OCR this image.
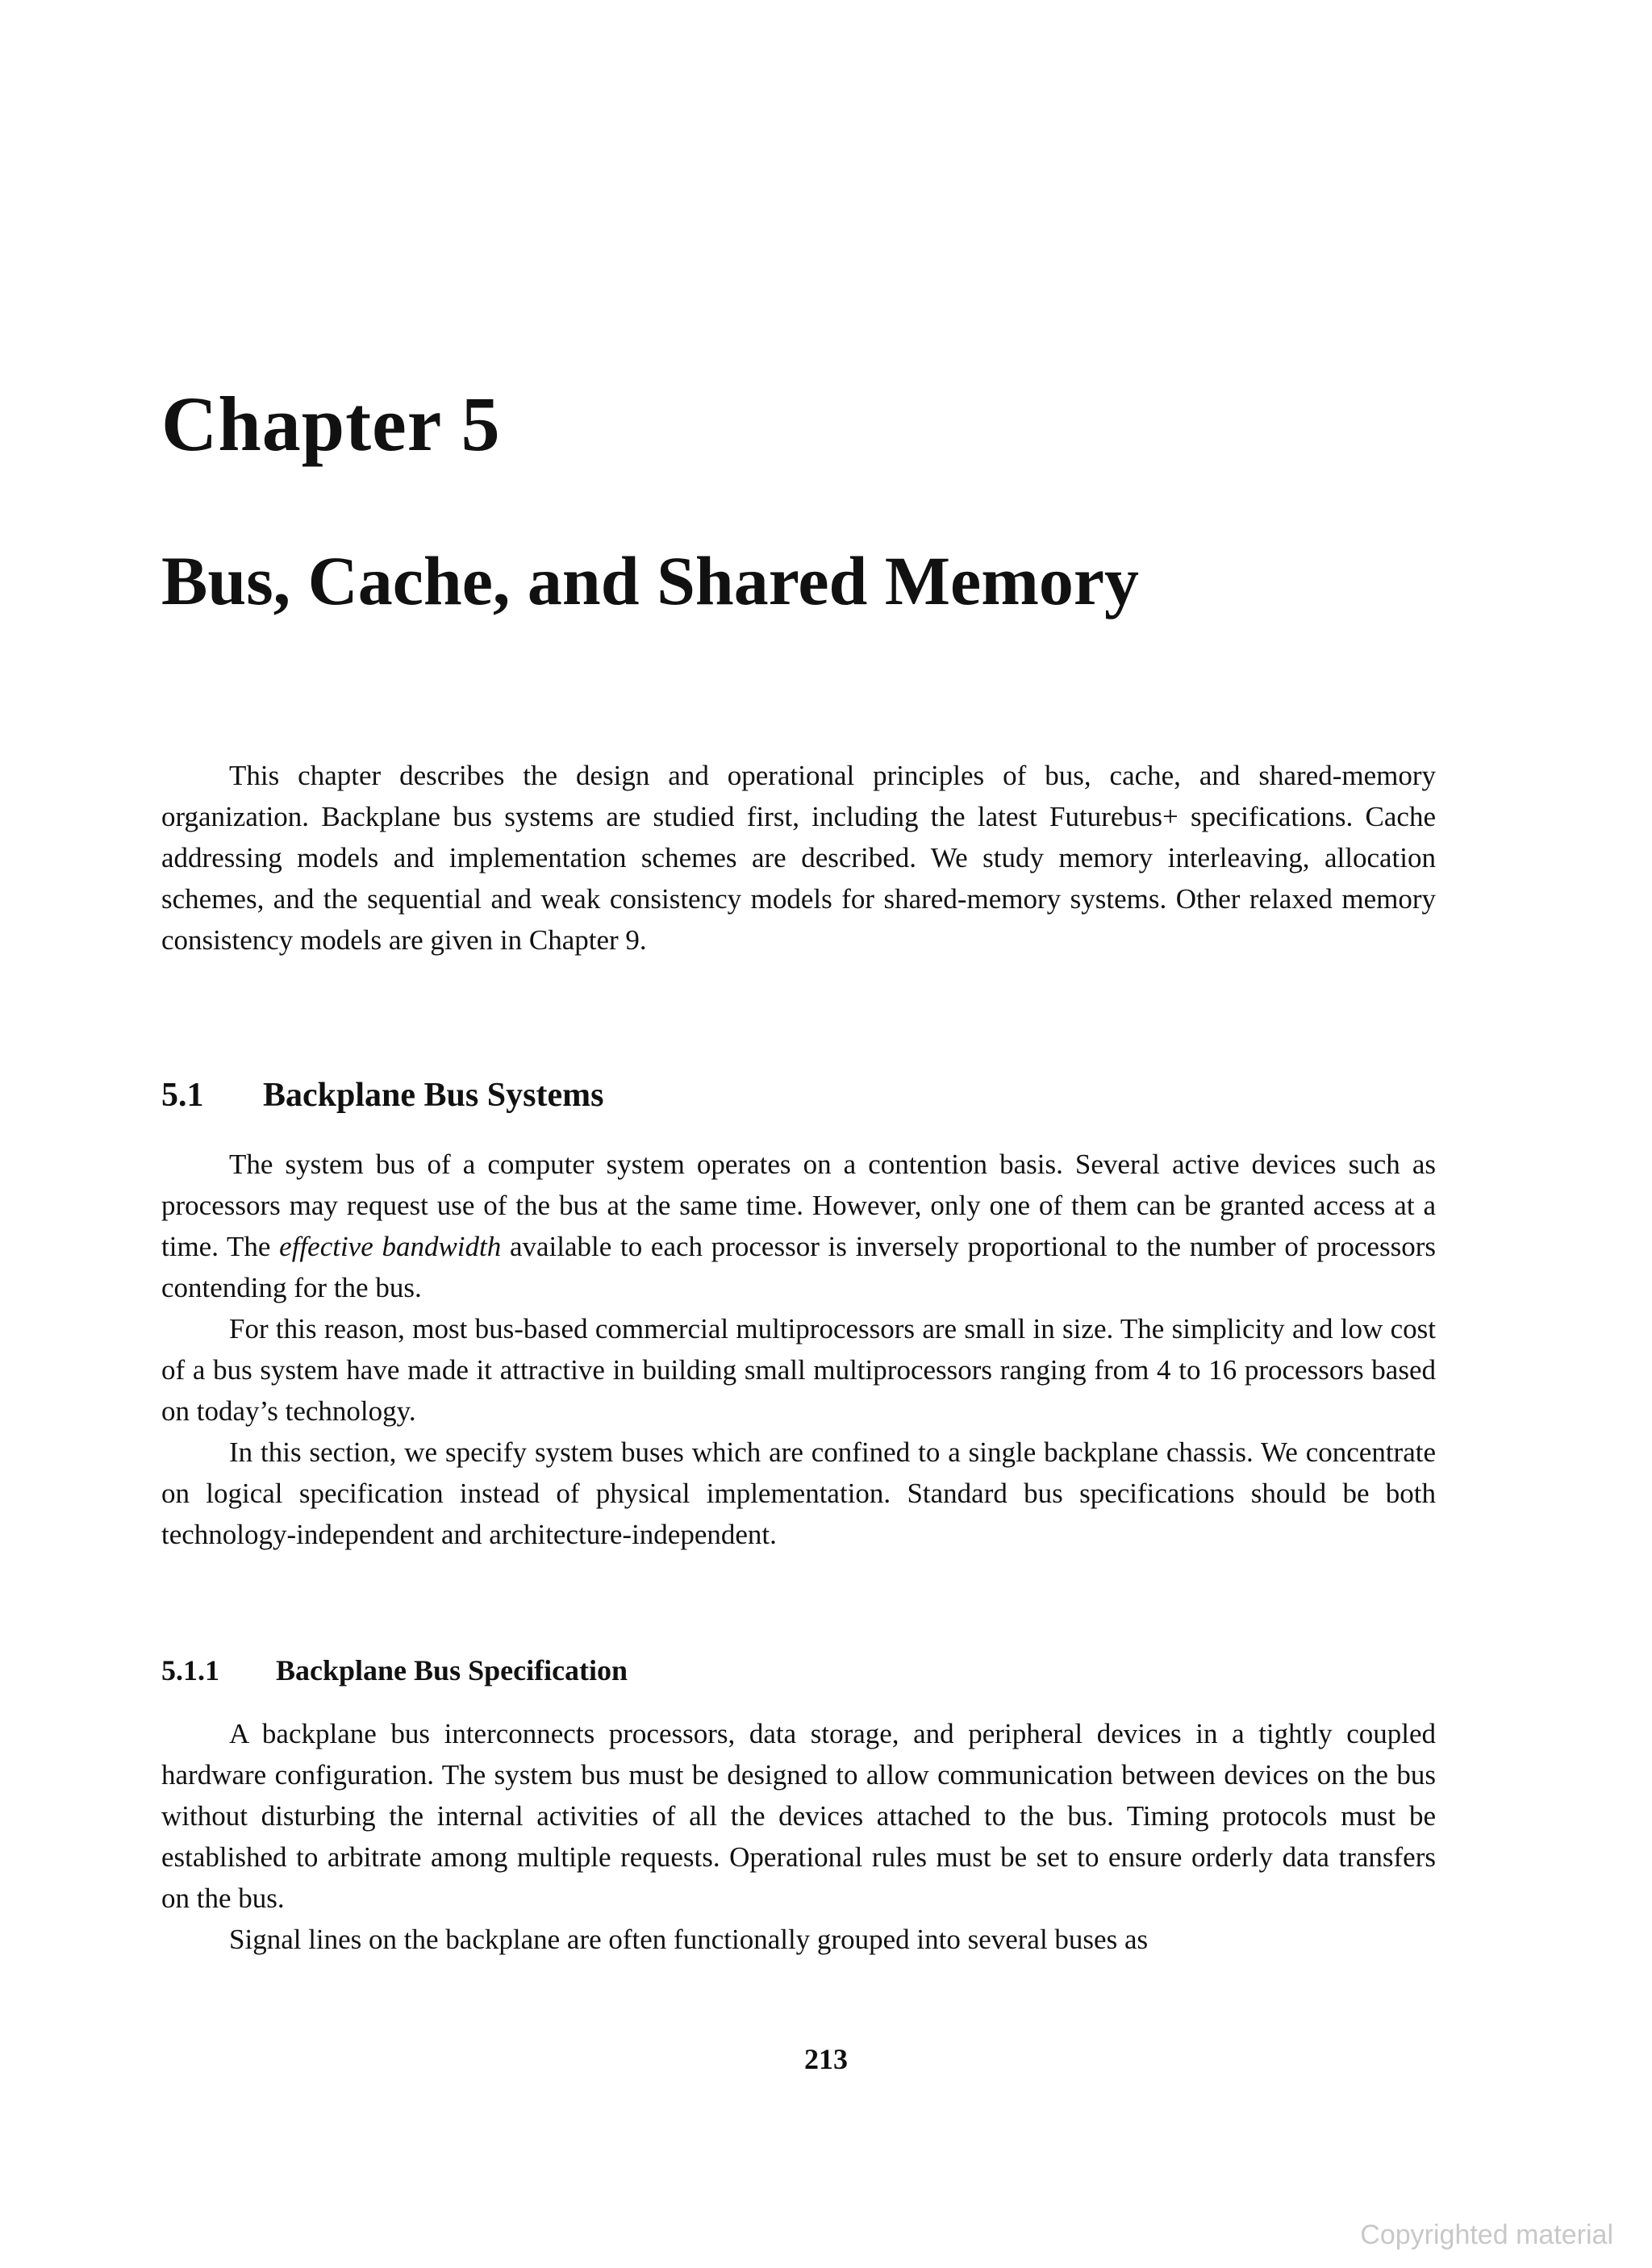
Chapter 5
Bus, Cache, and Shared Memory

This chapter describes the design and operational principles of bus, cache, and shared-memory organization. Backplane bus systems are studied first, including the latest Futurebus+ specifications. Cache addressing models and implementation schemes are described. We study memory interleaving, allocation schemes, and the sequential and weak consistency models for shared-memory systems. Other relaxed memory consistency models are given in Chapter 9.

5.1 Backplane Bus Systems

The system bus of a computer system operates on a contention basis. Several active devices such as processors may request use of the bus at the same time. However, only one of them can be granted access at a time. The effective bandwidth available to each processor is inversely proportional to the number of processors contending for the bus.

For this reason, most bus-based commercial multiprocessors are small in size. The simplicity and low cost of a bus system have made it attractive in building small multiprocessors ranging from 4 to 16 processors based on today’s technology.

In this section, we specify system buses which are confined to a single backplane chassis. We concentrate on logical specification instead of physical implementation. Standard bus specifications should be both technology-independent and architecture-independent.

5.1.1 Backplane Bus Specification

A backplane bus interconnects processors, data storage, and peripheral devices in a tightly coupled hardware configuration. The system bus must be designed to allow communication between devices on the bus without disturbing the internal activities of all the devices attached to the bus. Timing protocols must be established to arbitrate among multiple requests. Operational rules must be set to ensure orderly data transfers on the bus.

Signal lines on the backplane are often functionally grouped into several buses as

213
Copyrighted material
